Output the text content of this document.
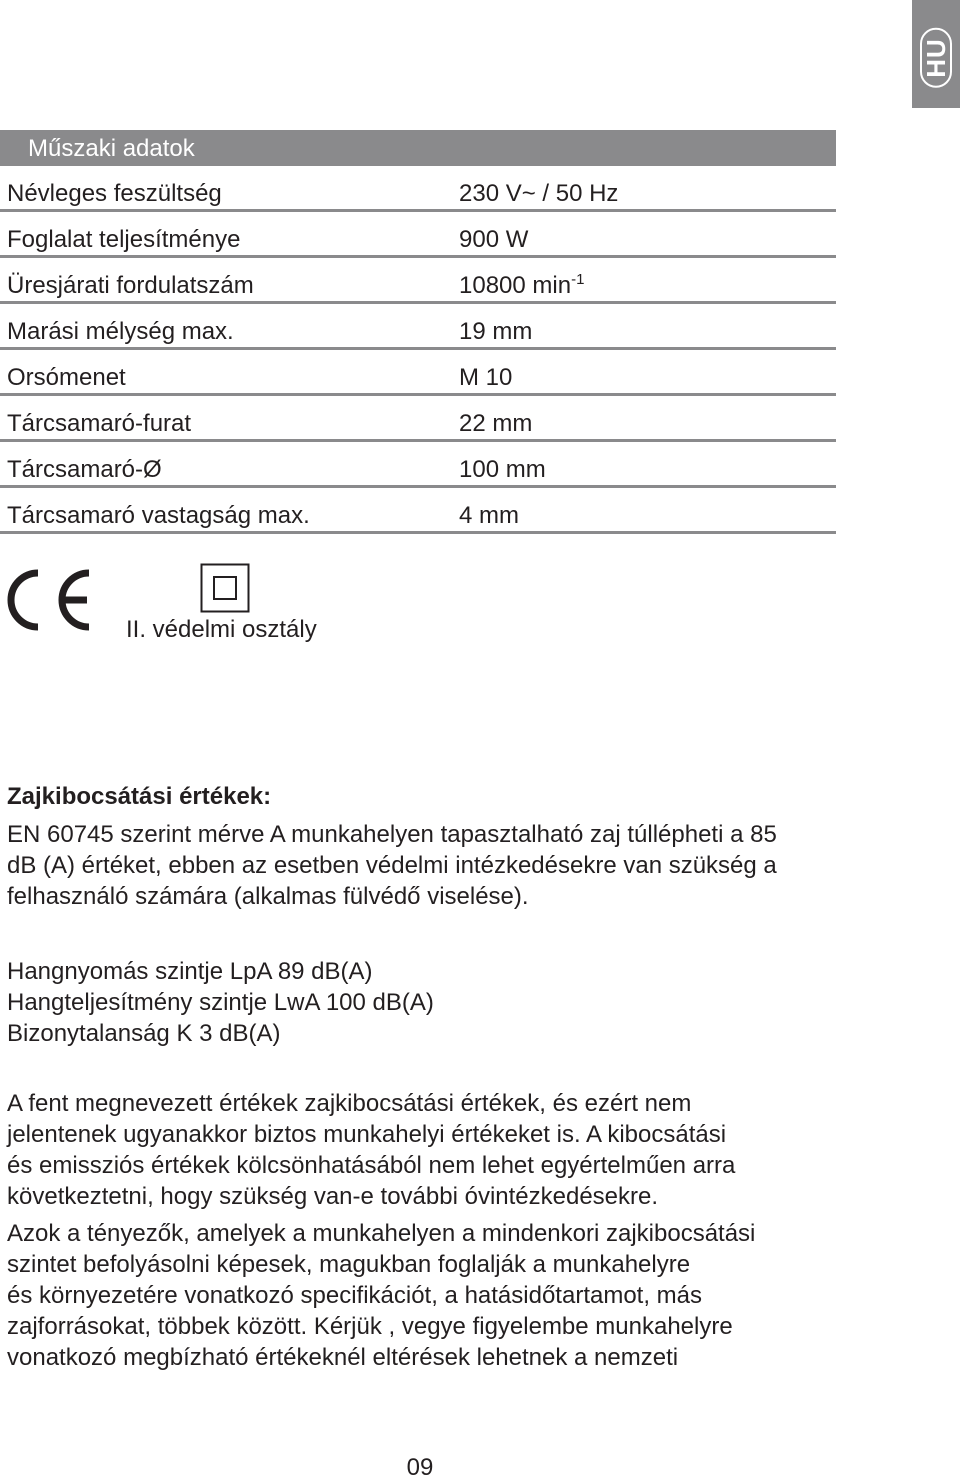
HU
Műszaki adatok
Névleges feszültség	230 V~ / 50 Hz
Foglalat teljesítménye	900 W
Üresjárati fordulatszám	10800 $\min^{-1}$
Marási mélység max.	19 mm
Orsómenet	M 10
Tárcsamaró-furat	22 mm
Tárcsamaró-Ø	100 mm
Tárcsamaró vastagság max.	4 mm
II. védelmi osztály
Zajkibocsátási értékek:
EN 60745 szerint mérve A munkahelyen tapasztalható zaj túllépheti a 85
dB (A) értéket, ebben az esetben védelmi intézkedésekre van szükség a
felhasználó számára (alkalmas fülvédő viselése).
Hangnyomás szintje LpA 89 dB(A)
Hangteljesítmény szintje LwA 100 dB(A)
Bizonytalanság K 3 dB(A)
A fent megnevezett értékek zajkibocsátási értékek, és ezért nem
jelentenek ugyanakkor biztos munkahelyi értékeket is. A kibocsátási
és emissziós értékek kölcsönhatásából nem lehet egyértelműen arra
következtetni, hogy szükség van-e további óvintézkedésekre.
Azok a tényezők, amelyek a munkahelyen a mindenkori zajkibocsátási
szintet befolyásolni képesek, magukban foglalják a munkahelyre
és környezetére vonatkozó specifikációt, a hatásidőtartamot, más
zajforrásokat, többek között. Kérjük , vegye figyelembe munkahelyre
vonatkozó megbízható értékeknél eltérések lehetnek a nemzeti
09
